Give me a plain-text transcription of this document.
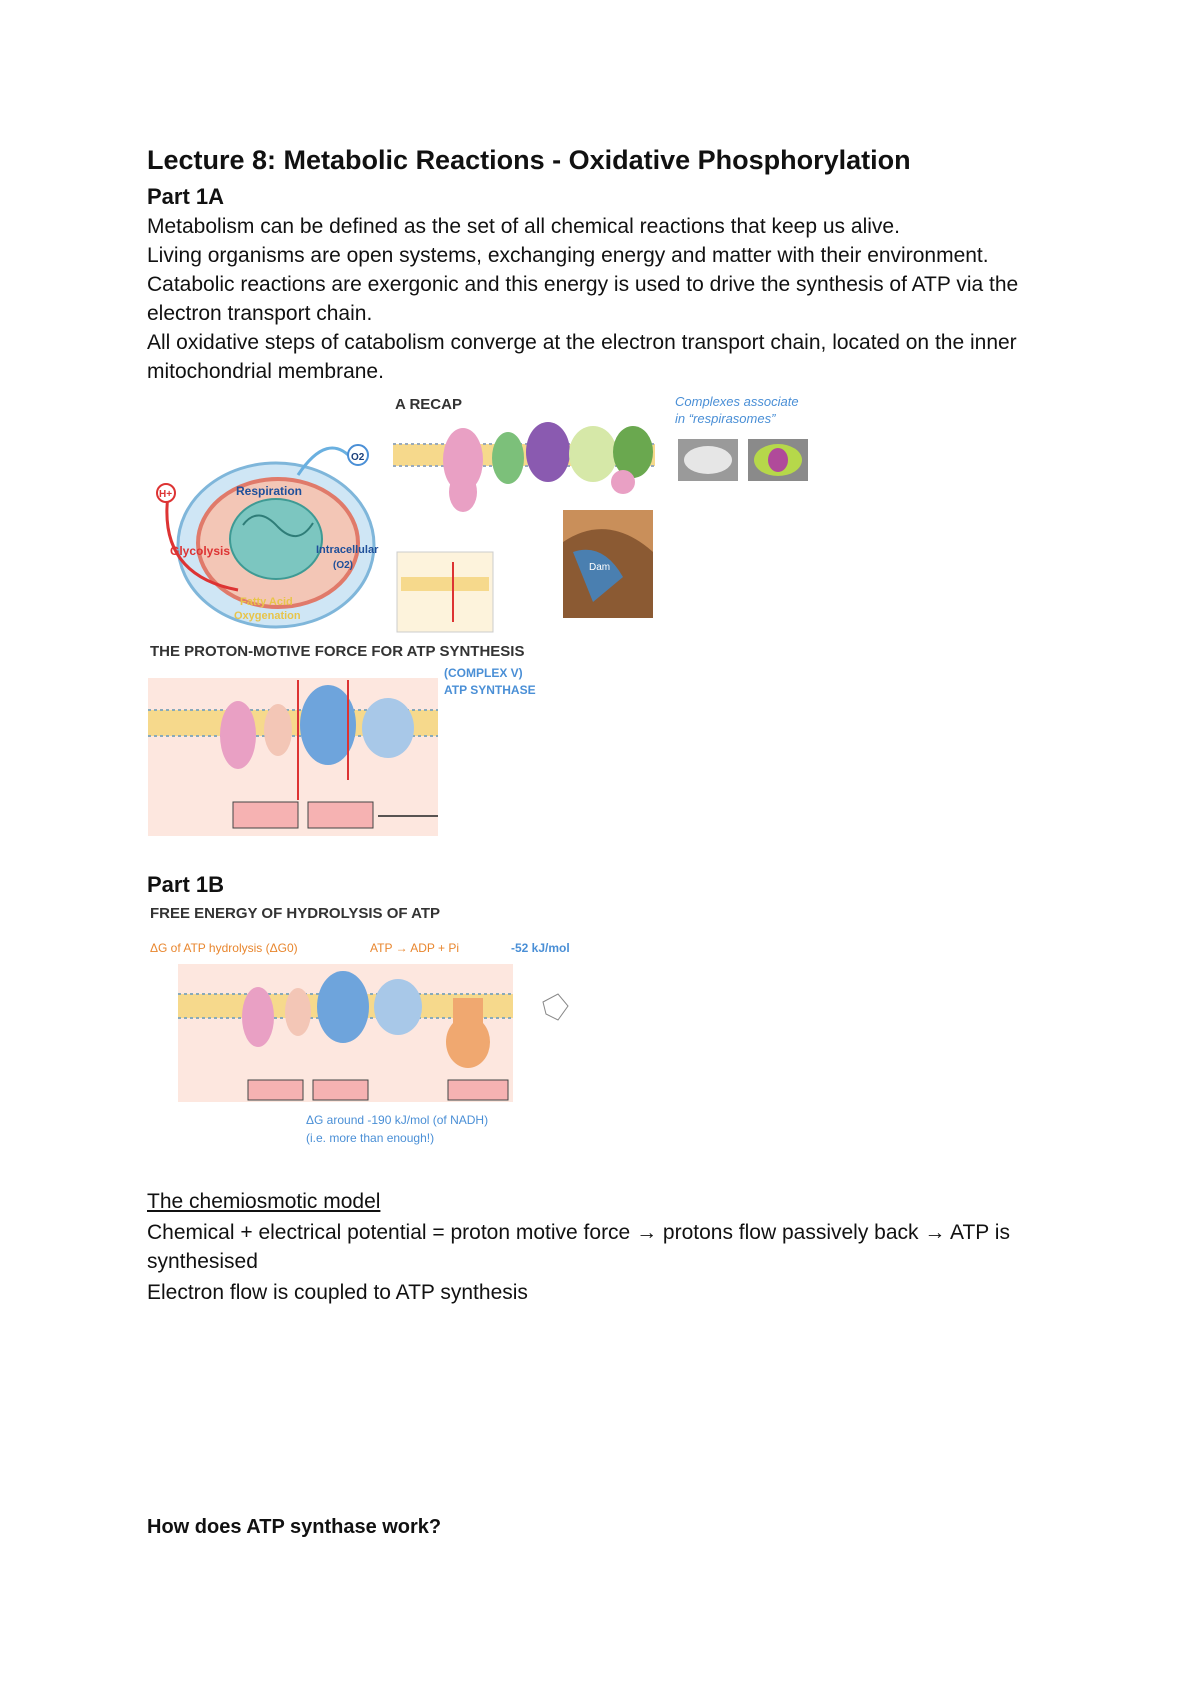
Lecture 8: Metabolic Reactions - Oxidative Phosphorylation
Part 1A

Metabolism can be defined as the set of all chemical reactions that keep us alive.

Living organisms are open systems, exchanging energy and matter with their environment.

Catabolic reactions are exergonic and this energy is used to drive the synthesis of ATP via the electron transport chain.

All oxidative steps of catabolism converge at the electron transport chain, located on the inner mitochondrial membrane.

O2
H+	Respiration
Glycolysis	Intracellular
(O2)
Fatty Acid
Oxygenation
A RECAP
Dam
Complexes associate
in “respirasomes”
THE PROTON-MOTIVE FORCE FOR ATP SYNTHESIS
(COMPLEX V)
ATP SYNTHASE
Part 1B
FREE ENERGY OF HYDROLYSIS OF ATP
ΔG of ATP hydrolysis (ΔG0)	ATP → ADP + Pi	-52 kJ/mol
ΔG around -190 kJ/mol (of NADH)
(i.e. more than enough!)

The chemiosmotic model

Chemical + electrical potential = proton motive force → protons flow passively back → ATP is synthesised

Electron flow is coupled to ATP synthesis

How does ATP synthase work?
